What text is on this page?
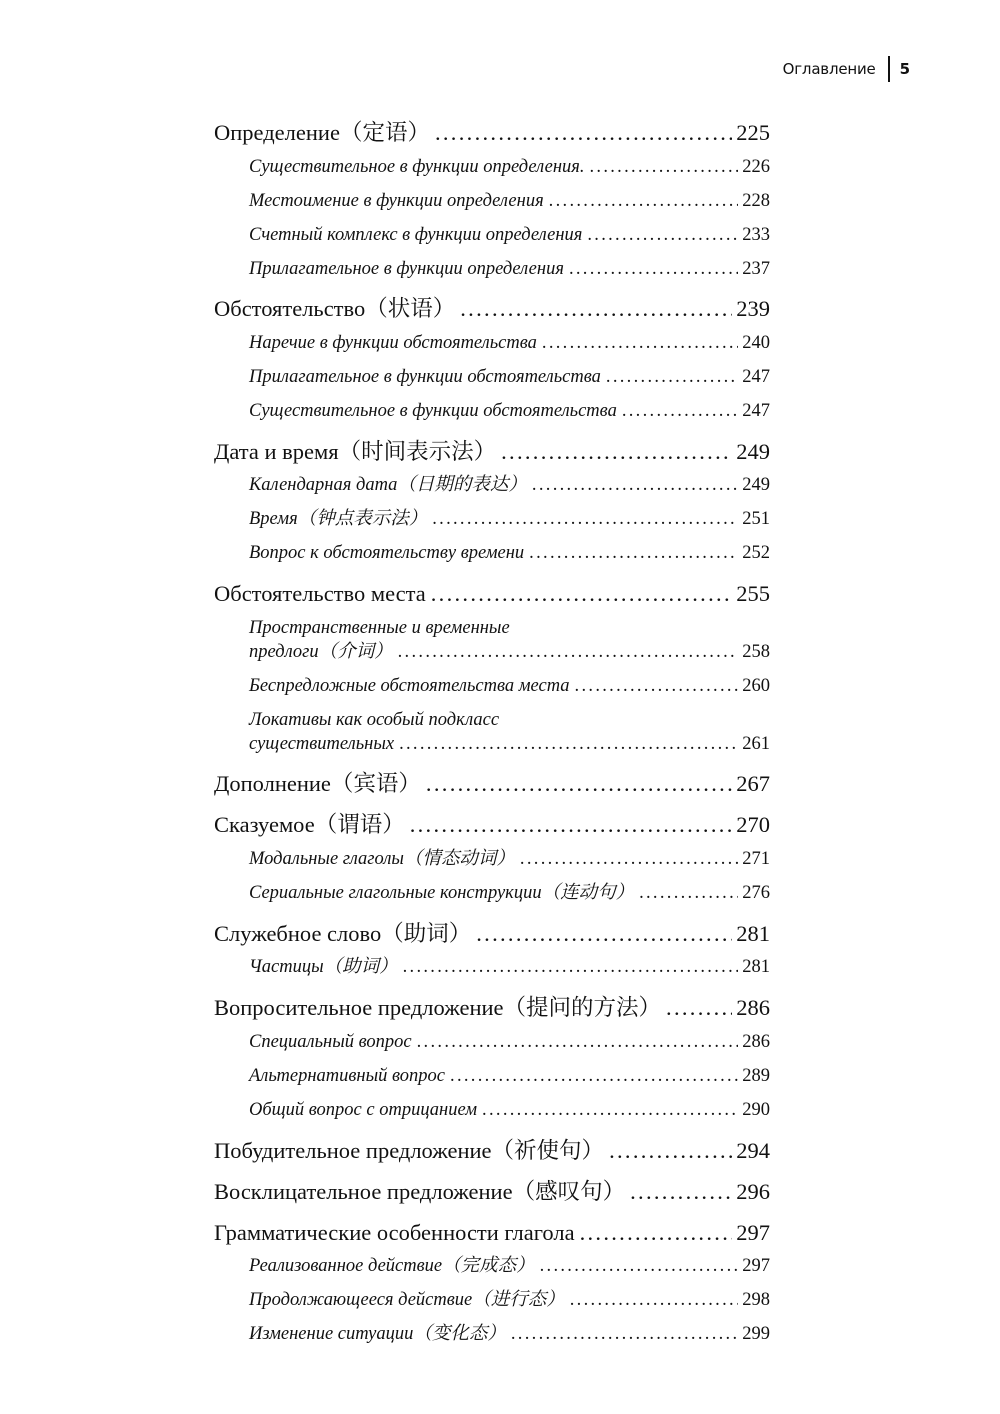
Оглавление 5
Определение（定语） .....	225
Существительное в функции определения. .....	226
Местоимение в функции определения .....	228
Счетный комплекс в функции определения .....	233
Прилагательное в функции определения .....	237
Обстоятельство（状语） .....	239
Наречие в функции обстоятельства .....	240
Прилагательное в функции обстоятельства .....	247
Существительное в функции обстоятельства .....	247
Дата и время（时间表示法） .....	249
Календарная дата（日期的表达） .....	249
Время（钟点表示法） .....	251
Вопрос к обстоятельству времени .....	252
Обстоятельство места .....	255
Пространственные и временные
предлоги（介词） .....	258
Беспредложные обстоятельства места .....	260
Локативы как особый подкласс
существительных .....	261
Дополнение（宾语） .....	267
Сказуемое（谓语） .....	270
Модальные глаголы（情态动词） .....	271
Сериальные глагольные конструкции（连动句） .....	276
Служебное слово（助词） .....	281
Частицы（助词） .....	281
Вопросительное предложение（提问的方法） .....	286
Специальный вопрос .....	286
Альтернативный вопрос .....	289
Общий вопрос с отрицанием .....	290
Побудительное предложение（祈使句） .....	294
Восклицательное предложение（感叹句） .....	296
Грамматические особенности глагола .....	297
Реализованное действие（完成态） .....	297
Продолжающееся действие（进行态） .....	298
Изменение ситуации（变化态） .....	299
